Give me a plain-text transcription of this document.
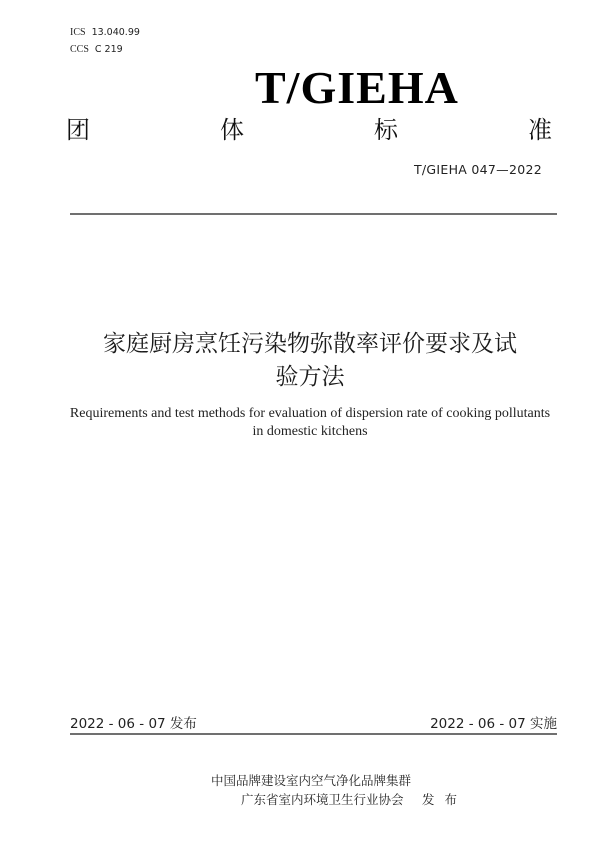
ICS 13.040.99
CCS C 219
T/GIEHA
团	体	标	准
T/GIEHA 047—2022
家庭厨房烹饪污染物弥散率评价要求及试
验方法
Requirements and test methods for evaluation of dispersion rate of cooking pollutants
in domestic kitchens
2022 - 06 - 07 发布	2022 - 06 - 07 实施
中国品牌建设室内空气净化品牌集群
广东省室内环境卫生行业协会 发布
